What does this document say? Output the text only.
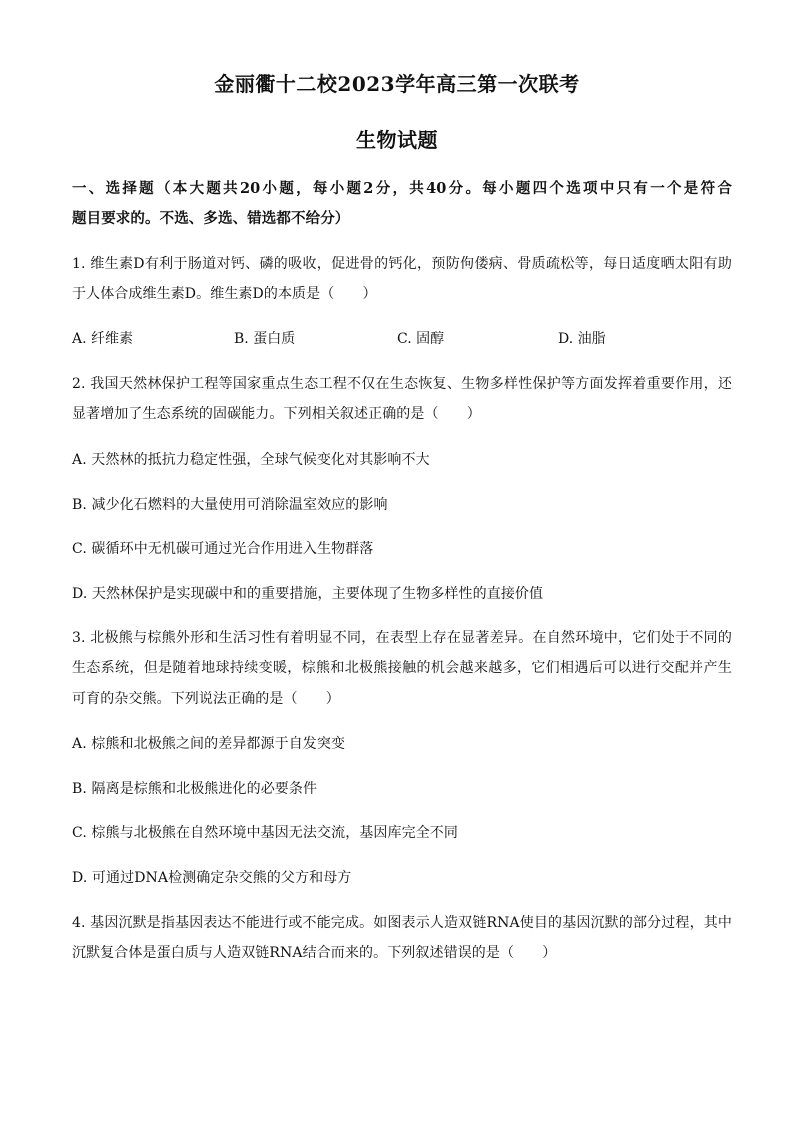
金丽衢十二校2023学年高三第一次联考
生物试题
一、选择题（本大题共20小题，每小题2分，共40分。每小题四个选项中只有一个是符合
题目要求的。不选、多选、错选都不给分）
1. 维生素D有利于肠道对钙、磷的吸收，促进骨的钙化，预防佝偻病、骨质疏松等，每日适度晒太阳有助
于人体合成维生素D。维生素D的本质是（　　）
A. 纤维素	B. 蛋白质	C. 固醇	D. 油脂
2. 我国天然林保护工程等国家重点生态工程不仅在生态恢复、生物多样性保护等方面发挥着重要作用，还
显著增加了生态系统的固碳能力。下列相关叙述正确的是（　　）
A. 天然林的抵抗力稳定性强，全球气候变化对其影响不大
B. 减少化石燃料的大量使用可消除温室效应的影响
C. 碳循环中无机碳可通过光合作用进入生物群落
D. 天然林保护是实现碳中和的重要措施，主要体现了生物多样性的直接价值
3. 北极熊与棕熊外形和生活习性有着明显不同，在表型上存在显著差异。在自然环境中，它们处于不同的
生态系统，但是随着地球持续变暖，棕熊和北极熊接触的机会越来越多，它们相遇后可以进行交配并产生
可育的杂交熊。下列说法正确的是（　　）
A. 棕熊和北极熊之间的差异都源于自发突变
B. 隔离是棕熊和北极熊进化的必要条件
C. 棕熊与北极熊在自然环境中基因无法交流，基因库完全不同
D. 可通过DNA检测确定杂交熊的父方和母方
4. 基因沉默是指基因表达不能进行或不能完成。如图表示人造双链RNA使目的基因沉默的部分过程，其中
沉默复合体是蛋白质与人造双链RNA结合而来的。下列叙述错误的是（　　）
